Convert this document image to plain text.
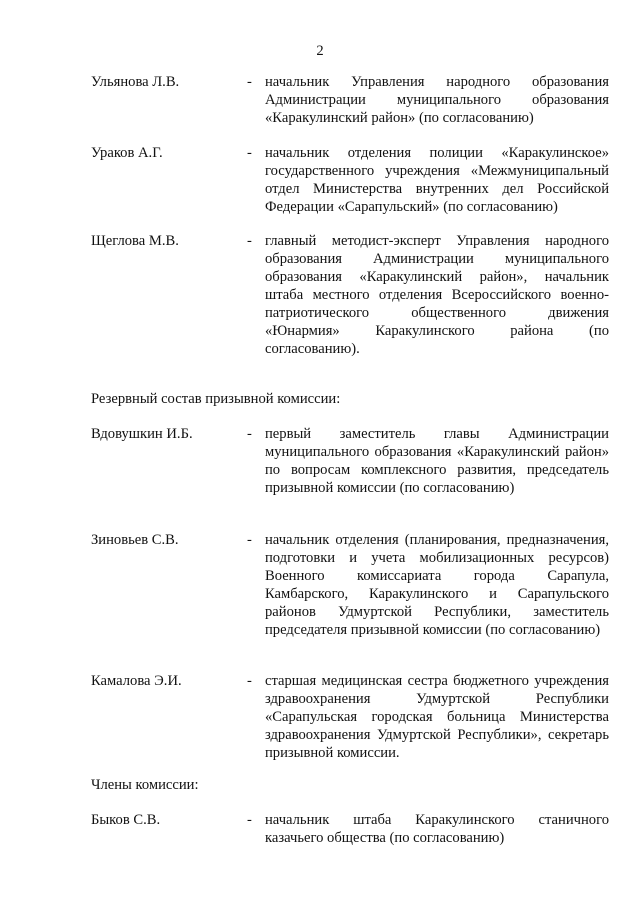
2
Ульянова Л.В.	- начальник Управления народного образования Администрации муниципального образования «Каракулинский район» (по согласованию)
Ураков А.Г.	- начальник отделения полиции «Каракулинское» государственного учреждения «Межмуниципальный отдел Министерства внутренних дел Российской Федерации «Сарапульский» (по согласованию)
Щеглова М.В.	- главный методист-эксперт Управления народного образования Администрации муниципального образования «Каракулинский район», начальник штаба местного отделения Всероссийского военно-патриотического общественного движения «Юнармия» Каракулинского района (по согласованию).
Резервный состав призывной комиссии:
Вдовушкин И.Б.	- первый заместитель главы Администрации муниципального образования «Каракулинский район» по вопросам комплексного развития, председатель призывной комиссии (по согласованию)
Зиновьев С.В.	- начальник отделения (планирования, предназначения, подготовки и учета мобилизационных ресурсов) Военного комиссариата города Сарапула, Камбарского, Каракулинского и Сарапульского районов Удмуртской Республики, заместитель председателя призывной комиссии (по согласованию)
Камалова Э.И.	- старшая медицинская сестра бюджетного учреждения здравоохранения Удмуртской Республики «Сарапульская городская больница Министерства здравоохранения Удмуртской Республики», секретарь призывной комиссии.
Члены комиссии:
Быков С.В.	- начальник штаба Каракулинского станичного казачьего общества (по согласованию)
